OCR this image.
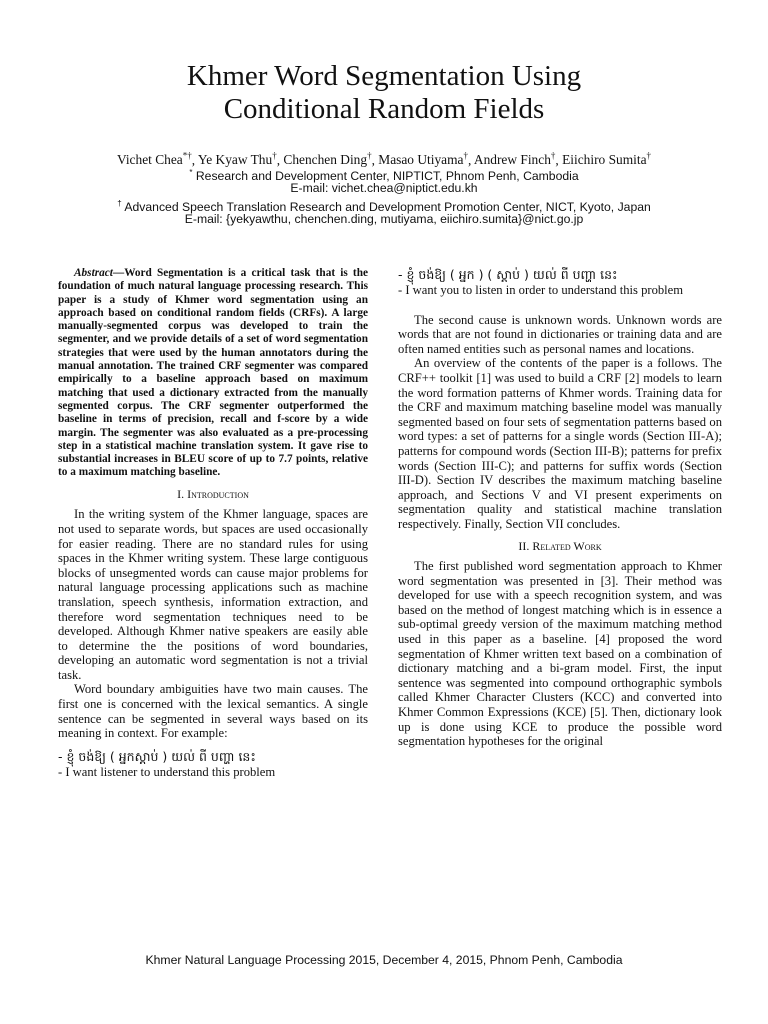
Khmer Word Segmentation Using
Conditional Random Fields
Vichet Chea*†, Ye Kyaw Thu†, Chenchen Ding†, Masao Utiyama†, Andrew Finch†, Eiichiro Sumita†
* Research and Development Center, NIPTICT, Phnom Penh, Cambodia
E-mail: vichet.chea@niptict.edu.kh
† Advanced Speech Translation Research and Development Promotion Center, NICT, Kyoto, Japan
E-mail: {yekyawthu, chenchen.ding, mutiyama, eiichiro.sumita}@nict.go.jp

Abstract—Word Segmentation is a critical task that is the foundation of much natural language processing research. This paper is a study of Khmer word segmentation using an approach based on conditional random fields (CRFs). A large manually-segmented corpus was developed to train the segmenter, and we provide details of a set of word segmentation strategies that were used by the human annotators during the manual annotation. The trained CRF segmenter was compared empirically to a baseline approach based on maximum matching that used a dictionary extracted from the manually segmented corpus. The CRF segmenter outperformed the baseline in terms of precision, recall and f-score by a wide margin. The segmenter was also evaluated as a pre-processing step in a statistical machine translation system. It gave rise to substantial increases in BLEU score of up to 7.7 points, relative to a maximum matching baseline.

I. Introduction

In the writing system of the Khmer language, spaces are not used to separate words, but spaces are used occasionally for easier reading. There are no standard rules for using spaces in the Khmer writing system. These large contiguous blocks of unsegmented words can cause major problems for natural language processing applications such as machine translation, speech synthesis, information extraction, and therefore word segmentation techniques need to be developed. Although Khmer native speakers are easily able to determine the the positions of word boundaries, developing an automatic word segmentation is not a trivial task.

Word boundary ambiguities have two main causes. The first one is concerned with the lexical semantics. A single sentence can be segmented in several ways based on its meaning in context. For example:

- ខ្ញុំ ចង់ឱ្យ ( អ្នកស្តាប់ ) យល់ ពី បញ្ហា នេះ
- I want listener to understand this problem
- ខ្ញុំ ចង់ឱ្យ ( អ្នក ) ( ស្តាប់ ) យល់ ពី បញ្ហា នេះ
- I want you to listen in order to understand this problem

The second cause is unknown words. Unknown words are words that are not found in dictionaries or training data and are often named entities such as personal names and locations.

An overview of the contents of the paper is a follows. The CRF++ toolkit [1] was used to build a CRF [2] models to learn the word formation patterns of Khmer words. Training data for the CRF and maximum matching baseline model was manually segmented based on four sets of segmentation patterns based on word types: a set of patterns for a single words (Section III-A); patterns for compound words (Section III-B); patterns for prefix words (Section III-C); and patterns for suffix words (Section III-D). Section IV describes the maximum matching baseline approach, and Sections V and VI present experiments on segmentation quality and statistical machine translation respectively. Finally, Section VII concludes.

II. Related Work

The first published word segmentation approach to Khmer word segmentation was presented in [3]. Their method was developed for use with a speech recognition system, and was based on the method of longest matching which is in essence a sub-optimal greedy version of the maximum matching method used in this paper as a baseline. [4] proposed the word segmentation of Khmer written text based on a combination of dictionary matching and a bi-gram model. First, the input sentence was segmented into compound orthographic symbols called Khmer Character Clusters (KCC) and converted into Khmer Common Expressions (KCE) [5]. Then, dictionary look up is done using KCE to produce the possible word segmentation hypotheses for the original

Khmer Natural Language Processing 2015, December 4, 2015, Phnom Penh, Cambodia
